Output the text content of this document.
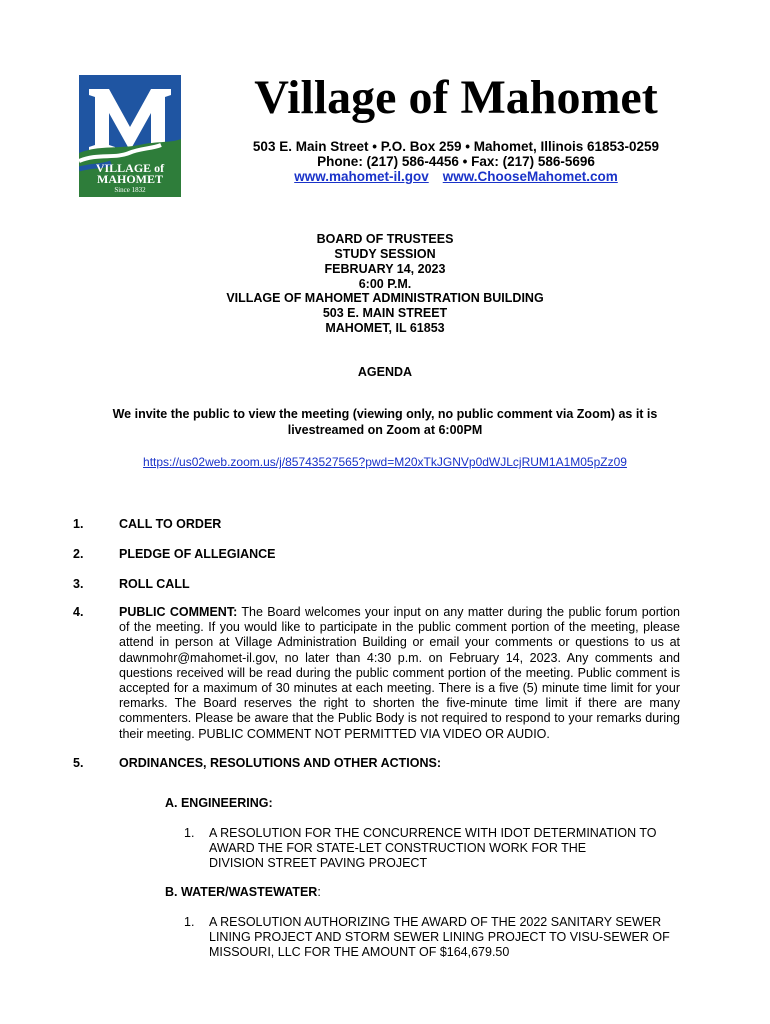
VILLAGE of
MAHOMET
Since 1832
Village of Mahomet
503 E. Main Street • P.O. Box 259 • Mahomet, Illinois 61853-0259
Phone: (217) 586-4456 • Fax: (217) 586-5696
www.mahomet-il.gov www.ChooseMahomet.com
BOARD OF TRUSTEES
STUDY SESSION
FEBRUARY 14, 2023
6:00 P.M.
VILLAGE OF MAHOMET ADMINISTRATION BUILDING
503 E. MAIN STREET
MAHOMET, IL 61853
AGENDA
We invite the public to view the meeting (viewing only, no public comment via Zoom) as it is
livestreamed on Zoom at 6:00PM
https://us02web.zoom.us/j/85743527565?pwd=M20xTkJGNVp0dWJLcjRUM1A1M05pZz09
1.	CALL TO ORDER
2.	PLEDGE OF ALLEGIANCE
3.	ROLL CALL
4.	PUBLIC COMMENT: The Board welcomes your input on any matter during the public forum portion of the meeting. If you would like to participate in the public comment portion of the meeting, please attend in person at Village Administration Building or email your comments or questions to us at dawnmohr@mahomet-il.gov, no later than 4:30 p.m. on February 14, 2023. Any comments and questions received will be read during the public comment portion of the meeting. Public comment is accepted for a maximum of 30 minutes at each meeting. There is a five (5) minute time limit for your remarks. The Board reserves the right to shorten the five-minute time limit if there are many commenters. Please be aware that the Public Body is not required to respond to your remarks during their meeting. PUBLIC COMMENT NOT PERMITTED VIA VIDEO OR AUDIO.
5.	ORDINANCES, RESOLUTIONS AND OTHER ACTIONS:
A. ENGINEERING:
1. A RESOLUTION FOR THE CONCURRENCE WITH IDOT DETERMINATION TO
AWARD THE FOR STATE-LET CONSTRUCTION WORK FOR THE
DIVISION STREET PAVING PROJECT
B. WATER/WASTEWATER:
1. A RESOLUTION AUTHORIZING THE AWARD OF THE 2022 SANITARY SEWER
LINING PROJECT AND STORM SEWER LINING PROJECT TO VISU-SEWER OF
MISSOURI, LLC FOR THE AMOUNT OF $164,679.50
